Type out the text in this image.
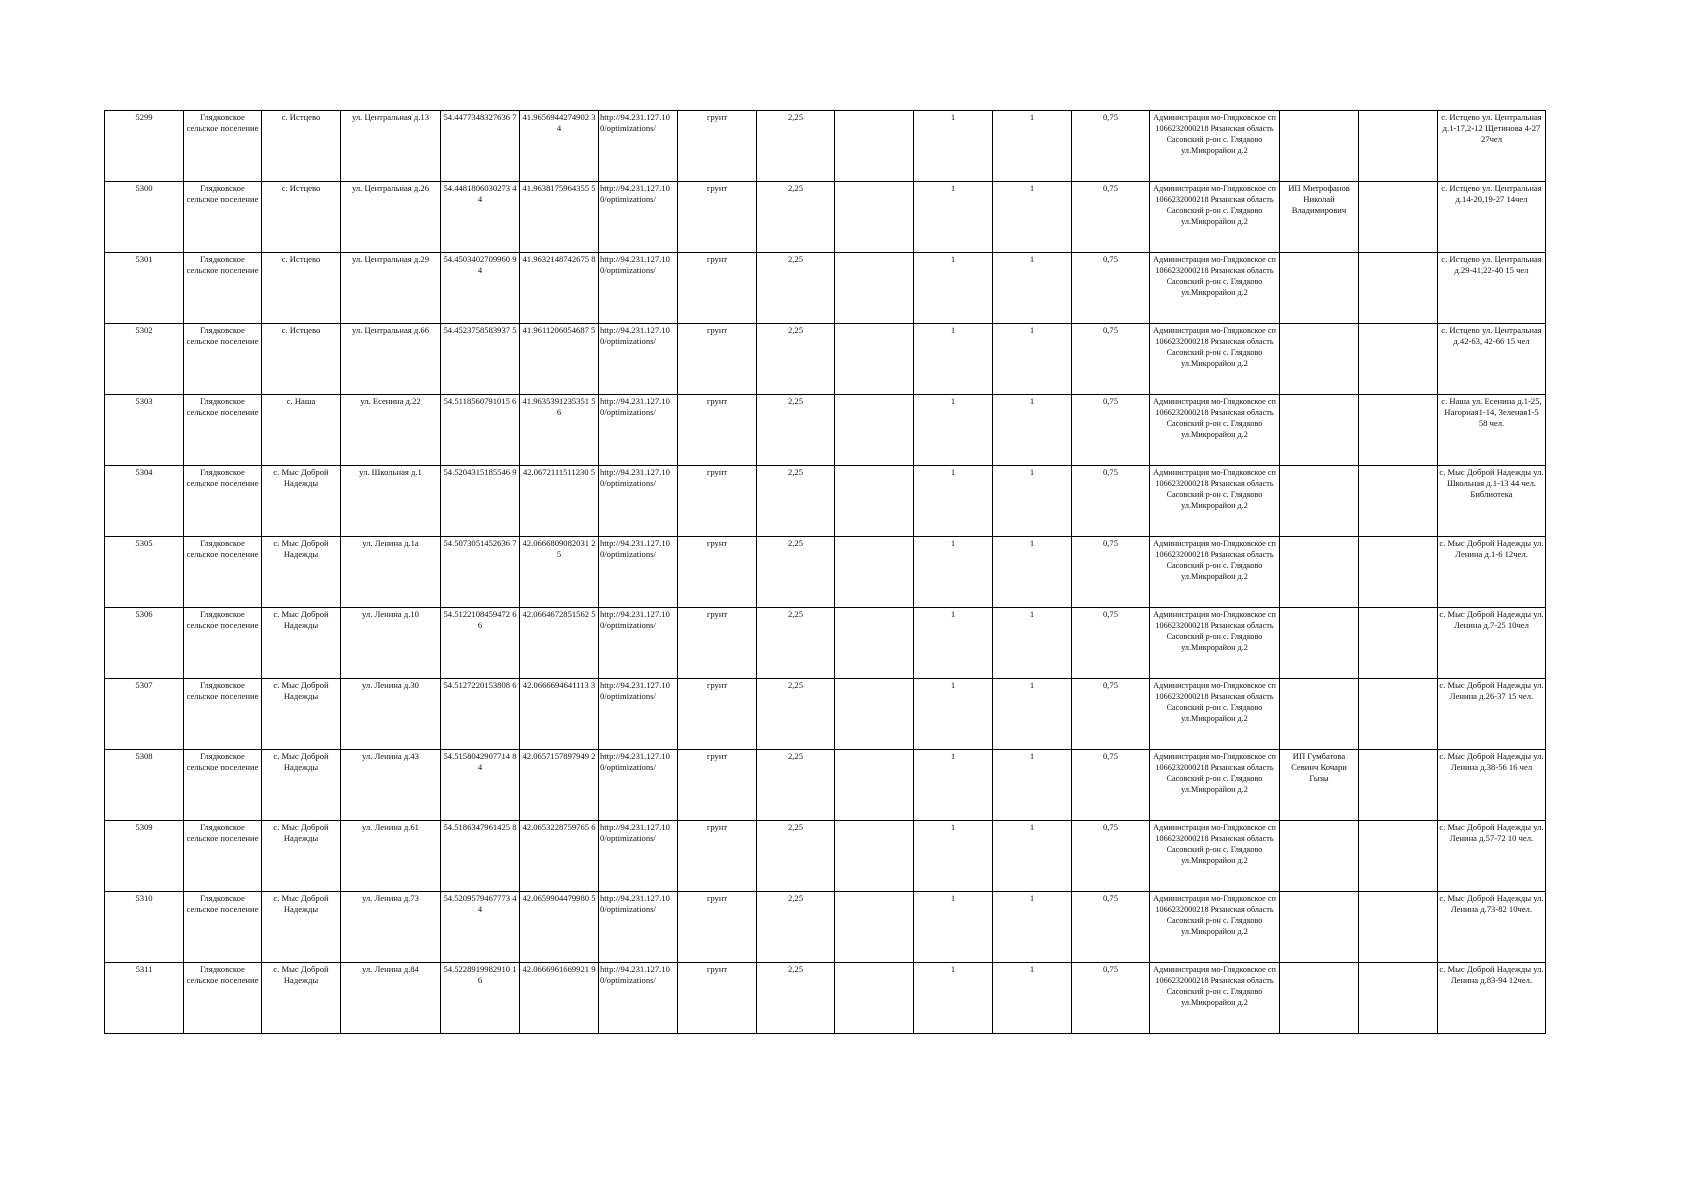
5299	Глядковское сельское поселение	с. Истцево	ул. Центральная д.13	54.4477348327636 7	41.9656944274902 34	http://94.231.127.10 0/optimizations/	грунт	2,25		1	1	0,75	Администрация мо-Глядковское сп 1066232000218 Рязанская область Сасовский р-он с. Глядково ул.Микрорайон д.2			с. Истцево ул. Центральная д.1-17,2-12 Щетинова 4-27 27чел
5300	Глядковское сельское поселение	с. Истцево	ул. Центральная д.26	54.4481806030273 44	41.9638175964355 5	http://94.231.127.10 0/optimizations/	грунт	2,25		1	1	0,75	Администрация мо-Глядковское сп 1066232000218 Рязанская область Сасовский р-он с. Глядково ул.Микрорайон д.2	ИП Митрофанов Николай Владимирович		с. Истцево ул. Центральная д.14-20,19-27 14чел
5301	Глядковское сельское поселение	с. Истцево	ул. Центральная д.29	54.4503402709960 94	41.9632148742675 8	http://94.231.127.10 0/optimizations/	грунт	2,25		1	1	0,75	Администрация мо-Глядковское сп 1066232000218 Рязанская область Сасовский р-он с. Глядково ул.Микрорайон д.2			с. Истцево ул. Центральная д.29-41,22-40 15 чел
5302	Глядковское сельское поселение	с. Истцево	ул. Центральная д.66	54.4523758583937 5	41.9611206054687 5	http://94.231.127.10 0/optimizations/	грунт	2,25		1	1	0,75	Администрация мо-Глядковское сп 1066232000218 Рязанская область Сасовский р-он с. Глядково ул.Микрорайон д.2			с. Истцево ул. Центральная д.42-63, 42-66 15 чел
5303	Глядковское сельское поселение	с. Наша	ул. Есенина д.22	54.5118560791015 6	41.9635391235351 56	http://94.231.127.10 0/optimizations/	грунт	2,25		1	1	0,75	Администрация мо-Глядковское сп 1066232000218 Рязанская область Сасовский р-он с. Глядково ул.Микрорайон д.2			с. Наша ул. Есенина д.1-25, Нагорная1-14, Зеленая1-5 58 чел.
5304	Глядковское сельское поселение	с. Мыс Доброй Надежды	ул. Школьная д.1	54.5204315185546 9	42.0672111511230 5	http://94.231.127.10 0/optimizations/	грунт	2,25		1	1	0,75	Администрация мо-Глядковское сп 1066232000218 Рязанская область Сасовский р-он с. Глядково ул.Микрорайон д.2			с. Мыс Доброй Надежды ул. Школьная д.1-13 44 чел. Библиотека
5305	Глядковское сельское поселение	с. Мыс Доброй Надежды	ул. Ленина д.1а	54.5073051452636 7	42.0666809082031 25	http://94.231.127.10 0/optimizations/	грунт	2,25		1	1	0,75	Администрация мо-Глядковское сп 1066232000218 Рязанская область Сасовский р-он с. Глядково ул.Микрорайон д.2			с. Мыс Доброй Надежды ул. Ленина д.1-6 12чел.
5306	Глядковское сельское поселение	с. Мыс Доброй Надежды	ул. Ленина д.10	54.5122108459472 66	42.0664672851562 5	http://94.231.127.10 0/optimizations/	грунт	2,25		1	1	0,75	Администрация мо-Глядковское сп 1066232000218 Рязанская область Сасовский р-он с. Глядково ул.Микрорайон д.2			с. Мыс Доброй Надежды ул. Ленина д.7-25 10чел
5307	Глядковское сельское поселение	с. Мыс Доброй Надежды	ул. Ленина д.30	54.5127220153808 6	42.0666694641113 3	http://94.231.127.10 0/optimizations/	грунт	2,25		1	1	0,75	Администрация мо-Глядковское сп 1066232000218 Рязанская область Сасовский р-он с. Глядково ул.Микрорайон д.2			с. Мыс Доброй Надежды ул. Ленина д.26-37 15 чел.
5308	Глядковское сельское поселение	с. Мыс Доброй Надежды	ул. Ленина д.43	54.5158042907714 84	42.0657157897949 2	http://94.231.127.10 0/optimizations/	грунт	2,25		1	1	0,75	Администрация мо-Глядковское сп 1066232000218 Рязанская область Сасовский р-он с. Глядково ул.Микрорайон д.2	ИП Гумбатова Севинч Кочари Гызы		с. Мыс Доброй Надежды ул. Ленина д.38-56 16 чел
5309	Глядковское сельское поселение	с. Мыс Доброй Надежды	ул. Ленина д.61	54.5186347961425 8	42.0653228759765 6	http://94.231.127.10 0/optimizations/	грунт	2,25		1	1	0,75	Администрация мо-Глядковское сп 1066232000218 Рязанская область Сасовский р-он с. Глядково ул.Микрорайон д.2			с. Мыс Доброй Надежды ул. Ленина д.57-72 10 чел.
5310	Глядковское сельское поселение	с. Мыс Доброй Надежды	ул. Ленина д.73	54.5209579467773 44	42.0659904479980 5	http://94.231.127.10 0/optimizations/	грунт	2,25		1	1	0,75	Администрация мо-Глядковское сп 1066232000218 Рязанская область Сасовский р-он с. Глядково ул.Микрорайон д.2			с. Мыс Доброй Надежды ул. Ленина д.73-82 10чел.
5311	Глядковское сельское поселение	с. Мыс Доброй Надежды	ул. Ленина д.84	54.5228919982910 16	42.0666961669921 9	http://94.231.127.10 0/optimizations/	грунт	2,25		1	1	0,75	Администрация мо-Глядковское сп 1066232000218 Рязанская область Сасовский р-он с. Глядково ул.Микрорайон д.2			с. Мыс Доброй Надежды ул. Ленина д.83-94 12чел.
